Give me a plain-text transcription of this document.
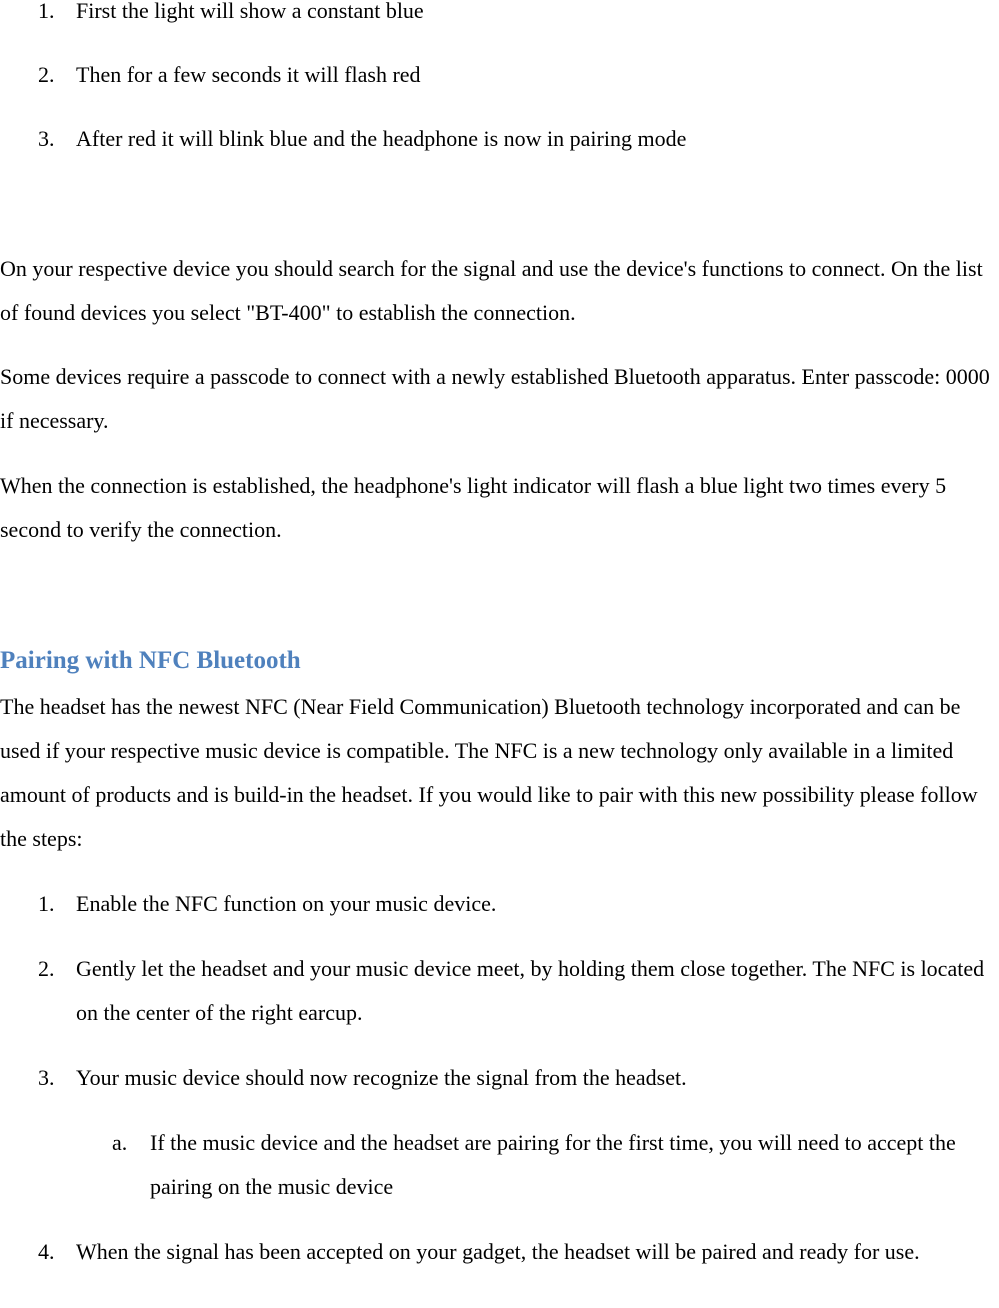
1. First the light will show a constant blue
2. Then for a few seconds it will flash red
3. After red it will blink blue and the headphone is now in pairing mode

On your respective device you should search for the signal and use the device's functions to connect. On the list of found devices you select "BT-400" to establish the connection.

Some devices require a passcode to connect with a newly established Bluetooth apparatus. Enter passcode: 0000 if necessary.

When the connection is established, the headphone's light indicator will flash a blue light two times every 5 second to verify the connection.

Pairing with NFC Bluetooth

The headset has the newest NFC (Near Field Communication) Bluetooth technology incorporated and can be used if your respective music device is compatible. The NFC is a new technology only available in a limited amount of products and is build-in the headset. If you would like to pair with this new possibility please follow the steps:

1. Enable the NFC function on your music device.
2. Gently let the headset and your music device meet, by holding them close together. The NFC is located on the center of the right earcup.
3. Your music device should now recognize the signal from the headset.
a. If the music device and the headset are pairing for the first time, you will need to accept the pairing on the music device
4. When the signal has been accepted on your gadget, the headset will be paired and ready for use.
